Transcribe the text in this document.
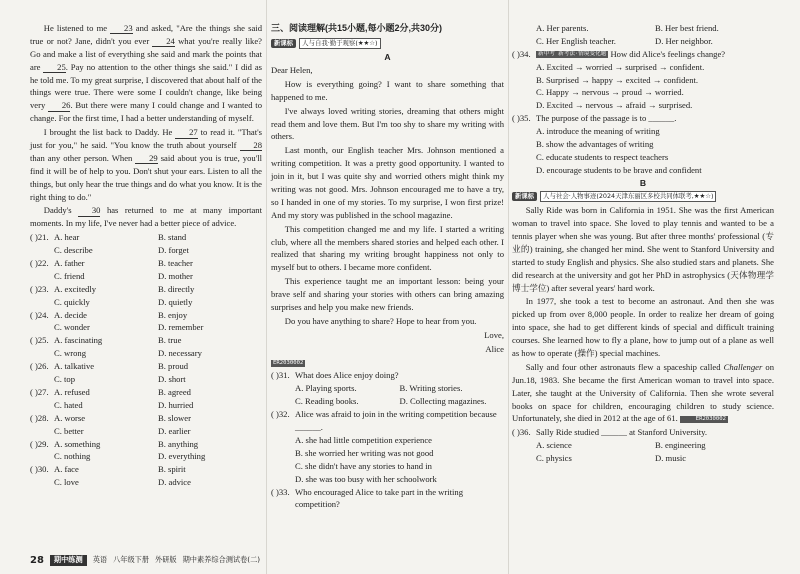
He listened to me 23 and asked, "Are the things she said true or not? Jane, didn't you ever 24 what you're really like? Go and make a list of everything she said and mark the points that are 25. Pay no attention to the other things she said." I did as he told me. To my great surprise, I discovered that about half of the things were true. There were some I couldn't change, like being very 26. But there were many I could change and I wanted to change. For the first time, I had a better understanding of myself.

I brought the list back to Daddy. He 27 to read it. "That's just for you," he said. "You know the truth about yourself 28 than any other person. When 29 said about you is true, you'll find it will be of help to you. Don't shut your ears. Listen to all the things, but only hear the true things and do what you know. It is the right thing to do."

Daddy's 30 has returned to me at many important moments. In my life, I've never had a better piece of advice.

( )21. A. hear	B. stand
C. describe	D. forget
( )22. A. father	B. teacher
C. friend	D. mother
( )23. A. excitedly	B. directly
C. quickly	D. quietly
( )24. A. decide	B. enjoy
C. wonder	D. remember
( )25. A. fascinating	B. true
C. wrong	D. necessary
( )26. A. talkative	B. proud
C. top	D. short
( )27. A. refused	B. agreed
C. hated	D. hurried
( )28. A. worse	B. slower
C. better	D. earlier
( )29. A. something	B. anything
C. nothing	D. everything
( )30. A. face	B. spirit
C. love	D. advice
三、阅读理解(共15小题,每小题2分,共30分)
新课标	人与自我·勤于观察(★★☆)
A

Dear Helen,

How is everything going? I want to share something that happened to me.

I've always loved writing stories, dreaming that others might read them and love them. But I'm too shy to share my writing with others.

Last month, our English teacher Mrs. Johnson mentioned a writing competition. It was a pretty good opportunity. I wanted to join in it, but I was quite shy and worried others might think my writing was not good. Mrs. Johnson encouraged me to have a try, so I handed in one of my stories. To my surprise, I won first prize! And my story was published in the school magazine.

This competition changed me and my life. I started a writing club, where all the members shared stories and helped each other. I realized that sharing my writing brought happiness not only to myself but to others. I became more confident.

This experience taught me an important lesson: being your brave self and sharing your stories with others can bring amazing surprises and help you make new friends.

Do you have anything to share? Hope to hear from you.

Love,

Alice

ER2030002
( )31. What does Alice enjoy doing?
A. Playing sports.	B. Writing stories.
C. Reading books.	D. Collecting magazines.
( )32. Alice was afraid to join in the writing competition because ______.
A. she had little competition experience
B. she worried her writing was not good
C. she didn't have any stories to hand in
D. she was too busy with her schoolwork
( )33. Who encouraged Alice to take part in the writing competition?
A. Her parents.	B. Her best friend.
C. Her English teacher.	D. Her neighbor.
( )34.	新中考 新考法·情境变化题 How did Alice's feelings change?
A. Excited → worried → surprised → confident.
B. Surprised → happy → excited → confident.
C. Happy → nervous → proud → worried.
D. Excited → nervous → afraid → surprised.
( )35. The purpose of the passage is to ______.
A. introduce the meaning of writing
B. show the advantages of writing
C. educate students to respect teachers
D. encourage students to be brave and confident
B
新课标	人与社会·人物事迹(2024天津东丽区多校共同体联考,★★☆)

Sally Ride was born in California in 1951. She was the first American woman to travel into space. She loved to play tennis and wanted to be a tennis player when she was young. But after three months' professional (专业的) training, she changed her mind. She went to Stanford University and started to study English and physics. She also studied stars and planets. She did research at the university and got her PhD in astrophysics (天体物理学博士学位) after several years' hard work.

In 1977, she took a test to become an astronaut. And then she was picked up from over 8,000 people. In order to realize her dream of going into space, she had to get different kinds of special and difficult training courses. She learned how to fly a plane, how to jump out of a plane as well as how to operate (操作) special machines.

Sally and four other astronauts flew a spaceship called Challenger on Jun.18, 1983. She became the first American woman to travel into space. Later, she taught at the University of California. Then she wrote several books on space for children, encouraging children to study science. Unfortunately, she died in 2012 at the age of 61.	ER2030002

( )36. Sally Ride studied ______ at Stanford University.
A. science	B. engineering
C. physics	D. music
28	期中练测	英语 八年级下册 外研版 期中素养综合测试卷(二)
